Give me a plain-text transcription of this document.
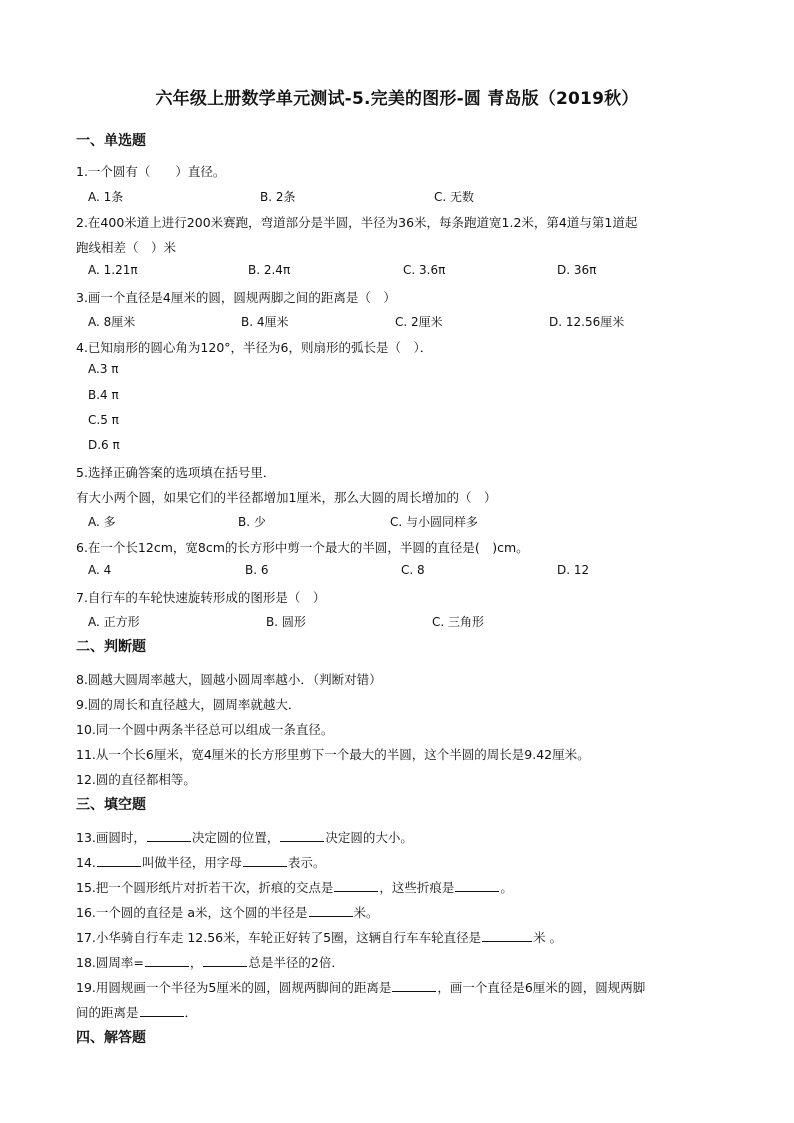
六年级上册数学单元测试-5.完美的图形-圆 青岛版（2019秋）
一、单选题
1.一个圆有（　　）直径。
A. 1条	B. 2条	C. 无数
2.在400米道上进行200米赛跑，弯道部分是半圆，半径为36米，每条跑道宽1.2米，第4道与第1道起
跑线相差（　）米
A. 1.21π	B. 2.4π	C. 3.6π	D. 36π
3.画一个直径是4厘米的圆，圆规两脚之间的距离是（　）
A. 8厘米	B. 4厘米	C. 2厘米	D. 12.56厘米
4.已知扇形的圆心角为120°，半径为6，则扇形的弧长是（　）．
A.3 π
B.4 π
C.5 π
D.6 π
5.选择正确答案的选项填在括号里．
有大小两个圆，如果它们的半径都增加1厘米，那么大圆的周长增加的（　）
A. 多	B. 少	C. 与小圆同样多
6.在一个长12cm，宽8cm的长方形中剪一个最大的半圆，半圆的直径是(　)cm。
A. 4	B. 6	C. 8	D. 12
7.自行车的车轮快速旋转形成的图形是（　）
A. 正方形	B. 圆形	C. 三角形
二、判断题
8.圆越大圆周率越大，圆越小圆周率越小．（判断对错）
9.圆的周长和直径越大，圆周率就越大．
10.同一个圆中两条半径总可以组成一条直径。
11.从一个长6厘米，宽4厘米的长方形里剪下一个最大的半圆，这个半圆的周长是9.42厘米。
12.圆的直径都相等。
三、填空题
13.画圆时，	决定圆的位置，	决定圆的大小。
14.	叫做半径，用字母	表示。
15.把一个圆形纸片对折若干次，折痕的交点是	，这些折痕是	。
16.一个圆的直径是 a米，这个圆的半径是	米。
17.小华骑自行车走 12.56米，车轮正好转了5圈，这辆自行车车轮直径是	米 。
18.圆周率=	，	总是半径的2倍．
19.用圆规画一个半径为5厘米的圆，圆规两脚间的距离是	，画一个直径是6厘米的圆，圆规两脚
间的距离是	．
四、解答题
